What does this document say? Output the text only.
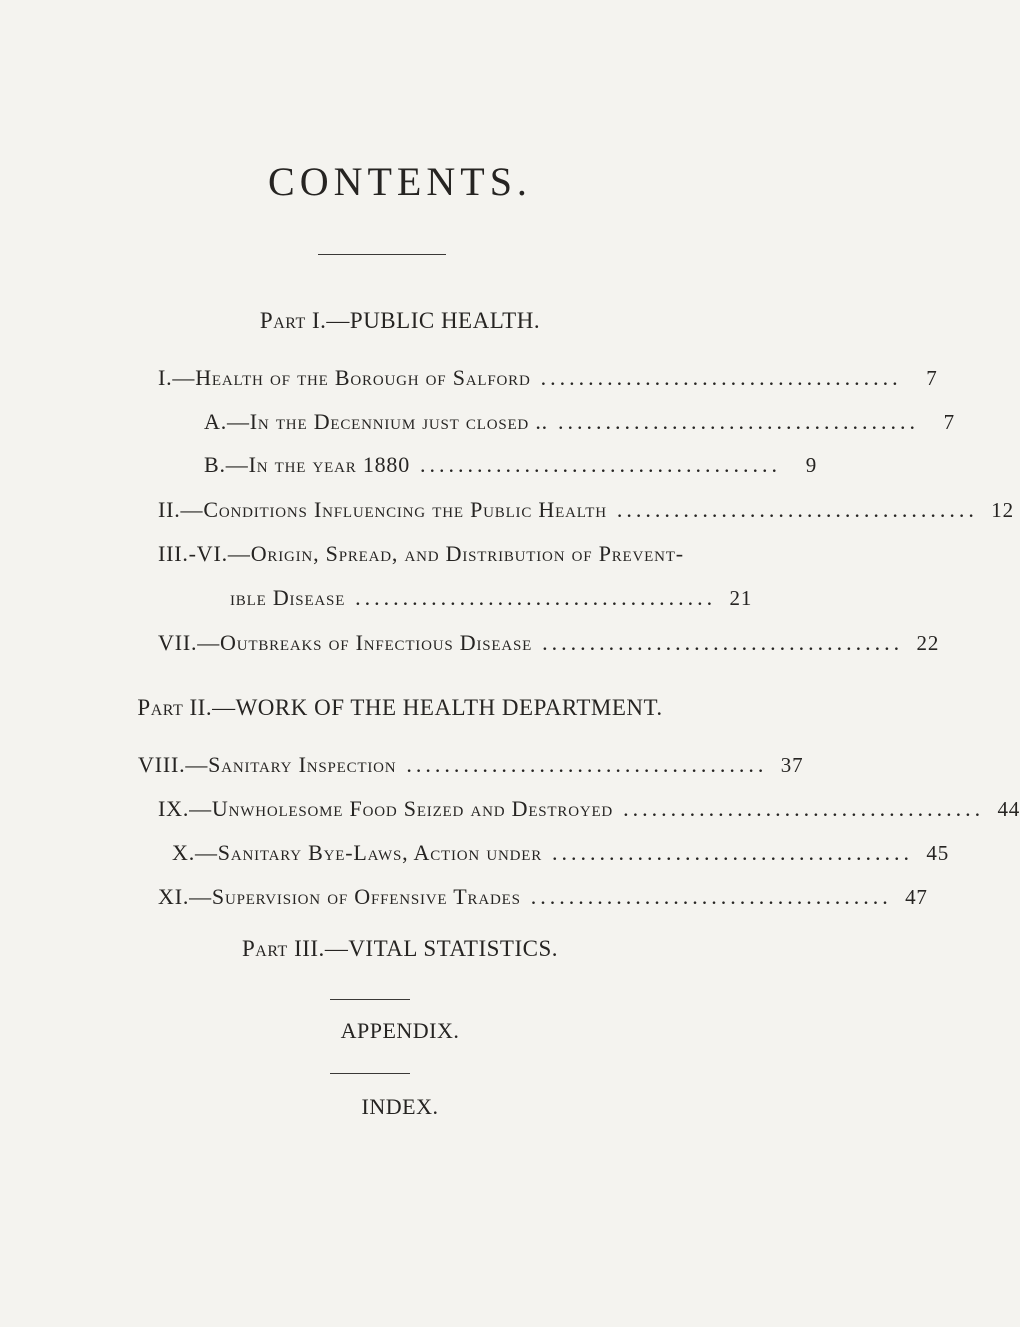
CONTENTS.
Part I.—PUBLIC HEALTH.
I.—Health of the Borough of Salford ......................................	7
A.—In the Decennium just closed .. ......................................	7
B.—In the year 1880 ......................................	9
II.—Conditions Influencing the Public Health ...................................... 12
III.-VI.—Origin, Spread, and Distribution of Prevent-
ible Disease ...................................... 21
VII.—Outbreaks of Infectious Disease ...................................... 22
Part II.—WORK OF THE HEALTH DEPARTMENT.
VIII.—Sanitary Inspection ...................................... 37
IX.—Unwholesome Food Seized and Destroyed ...................................... 44
X.—Sanitary Bye-Laws, Action under ...................................... 45
XI.—Supervision of Offensive Trades ...................................... 47
Part III.—VITAL STATISTICS.
APPENDIX.
INDEX.
